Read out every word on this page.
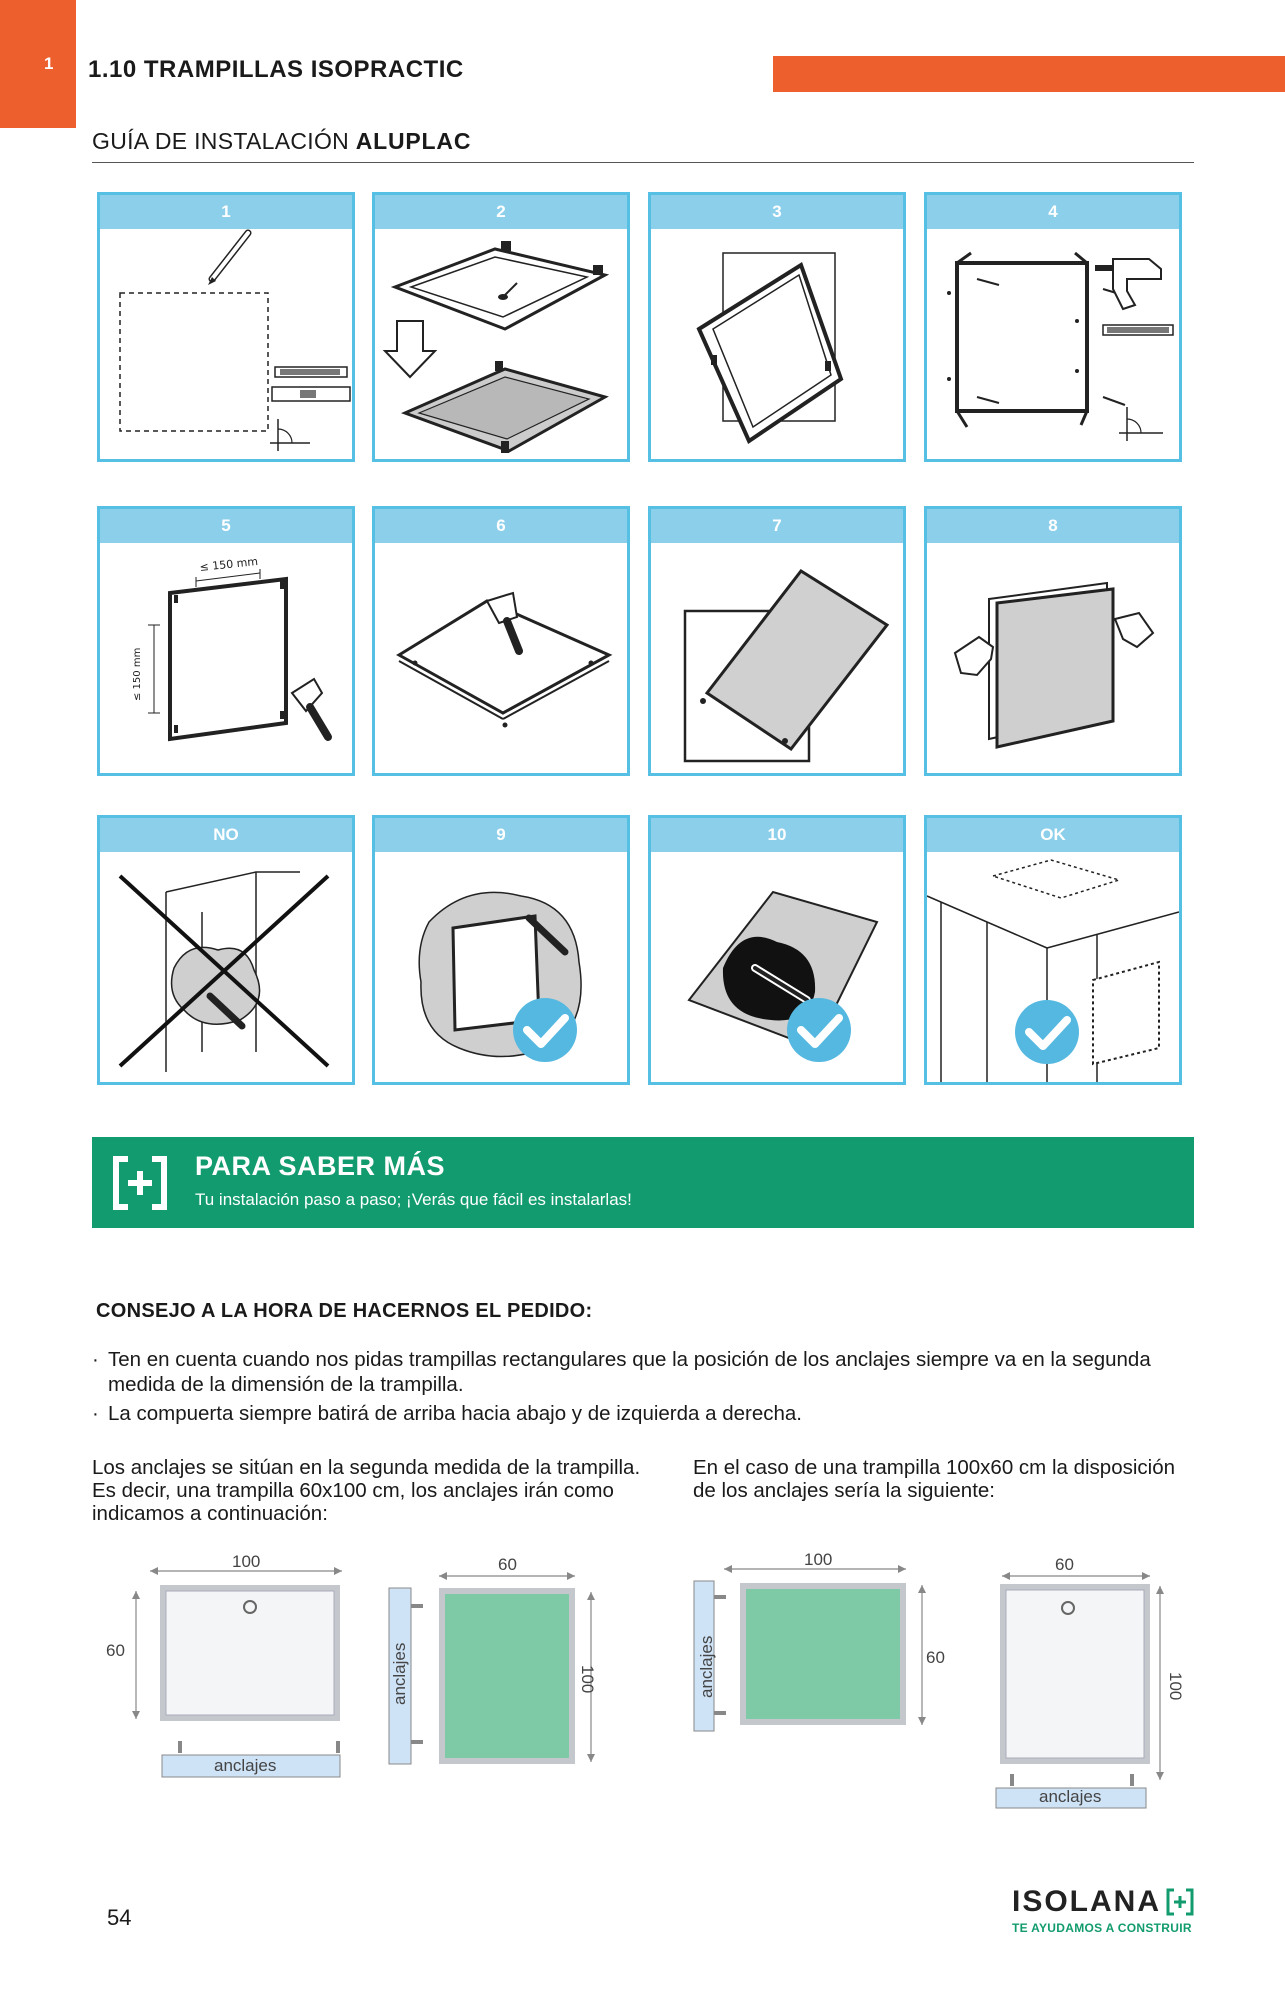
1	1.10 TRAMPILLAS ISOPRACTIC
GUÍA DE INSTALACIÓN ALUPLAC
1	2	3	4
5
≤ 150 mm
≤ 150 mm
6	7	8
NO	9	10	OK
PARA SABER MÁS
Tu instalación paso a paso; ¡Verás que fácil es instalarlas!
CONSEJO A LA HORA DE HACERNOS EL PEDIDO:
· Ten en cuenta cuando nos pidas trampillas rectangulares que la posición de los anclajes siempre va en la segunda medida de la dimensión de la trampilla.
· La compuerta siempre batirá de arriba hacia abajo y de izquierda a derecha.
Los anclajes se sitúan en la segunda medida de la trampilla. Es decir, una trampilla 60x100 cm, los anclajes irán como indicamos a continuación:
En el caso de una trampilla 100x60 cm la disposición de los anclajes sería la siguiente:
100
60
anclajes
60
100
anclajes
100
60
anclajes
60
100
anclajes
54	ISOLANA
TE AYUDAMOS A CONSTRUIR
